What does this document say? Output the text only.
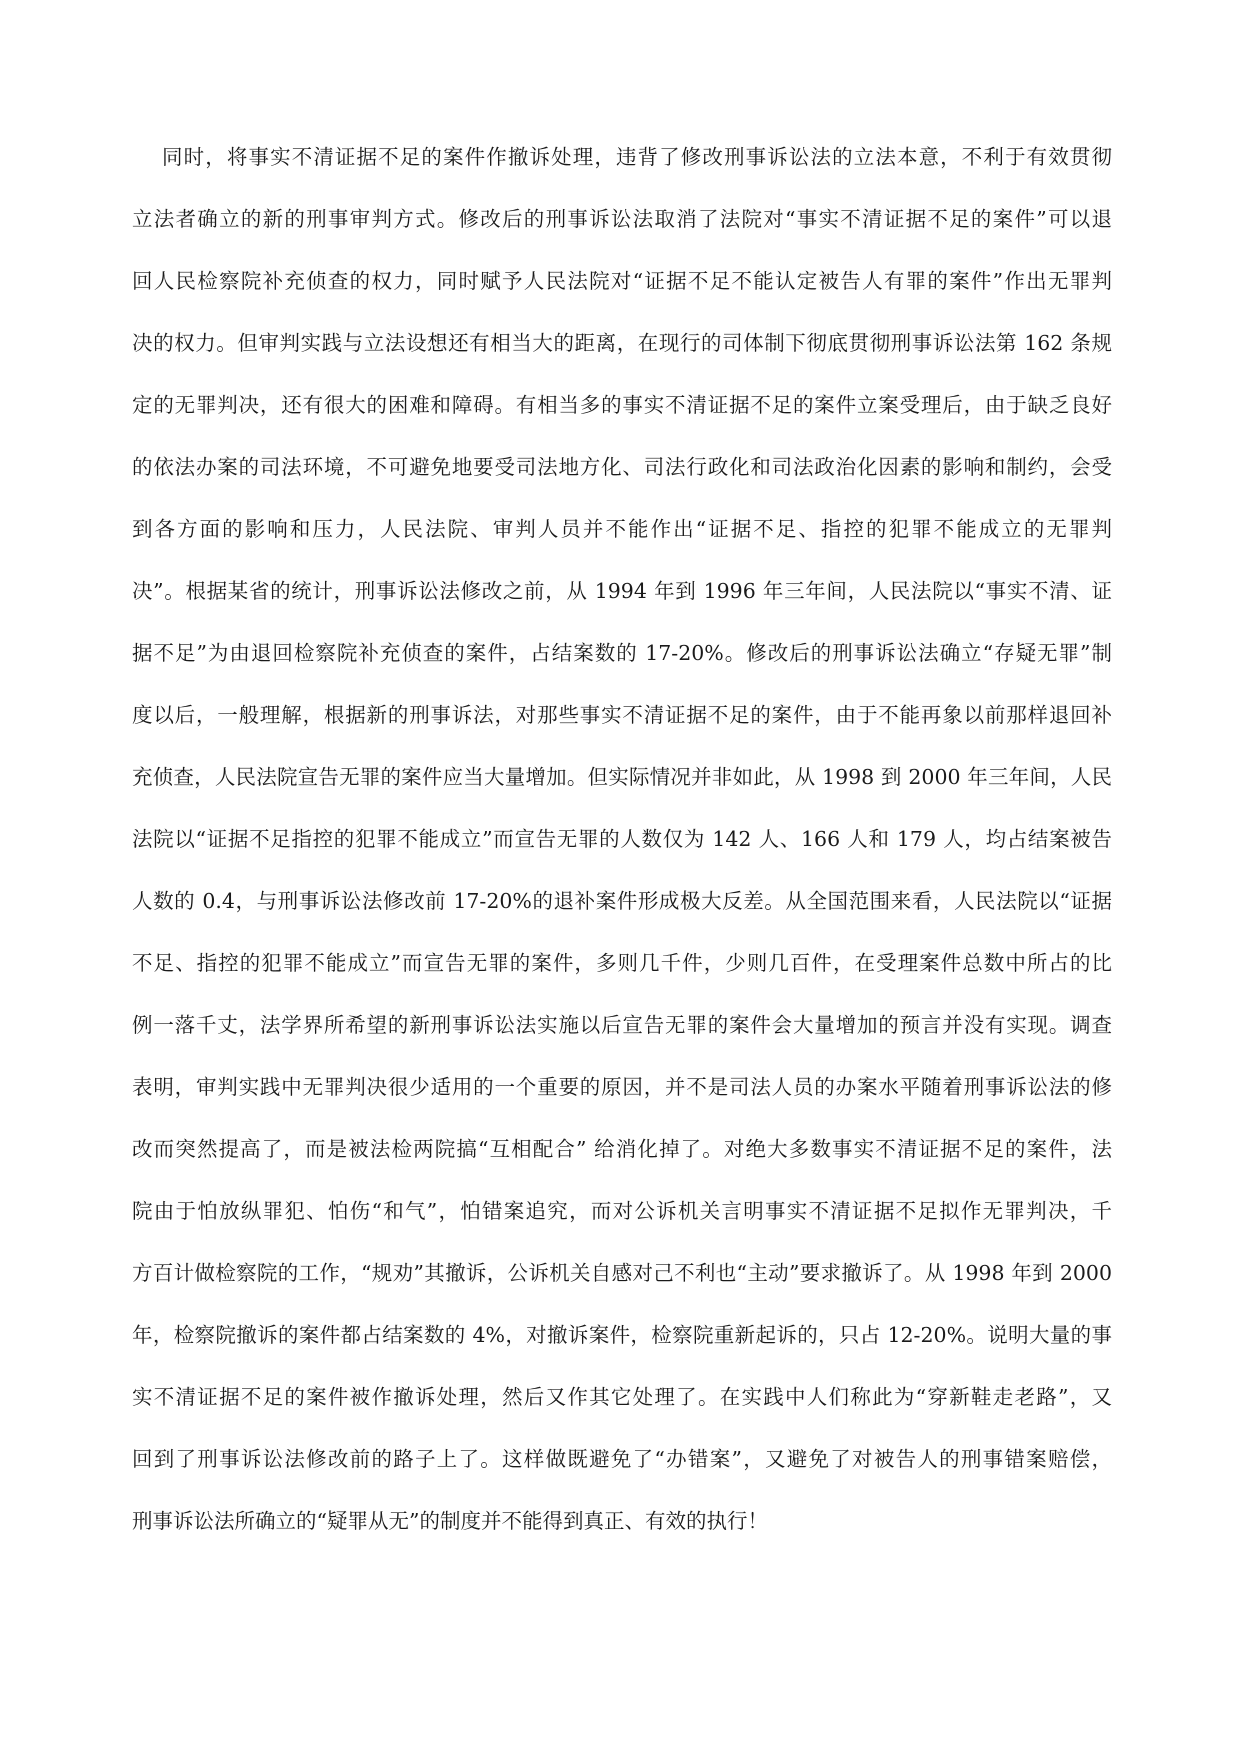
同时，将事实不清证据不足的案件作撤诉处理，违背了修改刑事诉讼法的立法本意，不利于有效贯彻
立法者确立的新的刑事审判方式。修改后的刑事诉讼法取消了法院对“事实不清证据不足的案件”可以退
回人民检察院补充侦查的权力，同时赋予人民法院对“证据不足不能认定被告人有罪的案件”作出无罪判
决的权力。但审判实践与立法设想还有相当大的距离，在现行的司体制下彻底贯彻刑事诉讼法第 162 条规
定的无罪判决，还有很大的困难和障碍。有相当多的事实不清证据不足的案件立案受理后，由于缺乏良好
的依法办案的司法环境，不可避免地要受司法地方化、司法行政化和司法政治化因素的影响和制约，会受
到各方面的影响和压力，人民法院、审判人员并不能作出“证据不足、指控的犯罪不能成立的无罪判
决”。根据某省的统计，刑事诉讼法修改之前，从 1994 年到 1996 年三年间，人民法院以“事实不清、证
据不足”为由退回检察院补充侦查的案件，占结案数的 17-20%。修改后的刑事诉讼法确立“存疑无罪”制
度以后，一般理解，根据新的刑事诉法，对那些事实不清证据不足的案件，由于不能再象以前那样退回补
充侦查，人民法院宣告无罪的案件应当大量增加。但实际情况并非如此，从 1998 到 2000 年三年间，人民
法院以“证据不足指控的犯罪不能成立”而宣告无罪的人数仅为 142 人、166 人和 179 人，均占结案被告
人数的 0.4，与刑事诉讼法修改前 17-20%的退补案件形成极大反差。从全国范围来看，人民法院以“证据
不足、指控的犯罪不能成立”而宣告无罪的案件，多则几千件，少则几百件，在受理案件总数中所占的比
例一落千丈，法学界所希望的新刑事诉讼法实施以后宣告无罪的案件会大量增加的预言并没有实现。调查
表明，审判实践中无罪判决很少适用的一个重要的原因，并不是司法人员的办案水平随着刑事诉讼法的修
改而突然提高了，而是被法检两院搞“互相配合” 给消化掉了。对绝大多数事实不清证据不足的案件，法
院由于怕放纵罪犯、怕伤“和气”，怕错案追究，而对公诉机关言明事实不清证据不足拟作无罪判决，千
方百计做检察院的工作，“规劝”其撤诉，公诉机关自感对己不利也“主动”要求撤诉了。从 1998 年到 2000
年，检察院撤诉的案件都占结案数的 4%，对撤诉案件，检察院重新起诉的，只占 12-20%。说明大量的事
实不清证据不足的案件被作撤诉处理，然后又作其它处理了。在实践中人们称此为“穿新鞋走老路”，又
回到了刑事诉讼法修改前的路子上了。这样做既避免了“办错案”，又避免了对被告人的刑事错案赔偿，
刑事诉讼法所确立的“疑罪从无”的制度并不能得到真正、有效的执行！
